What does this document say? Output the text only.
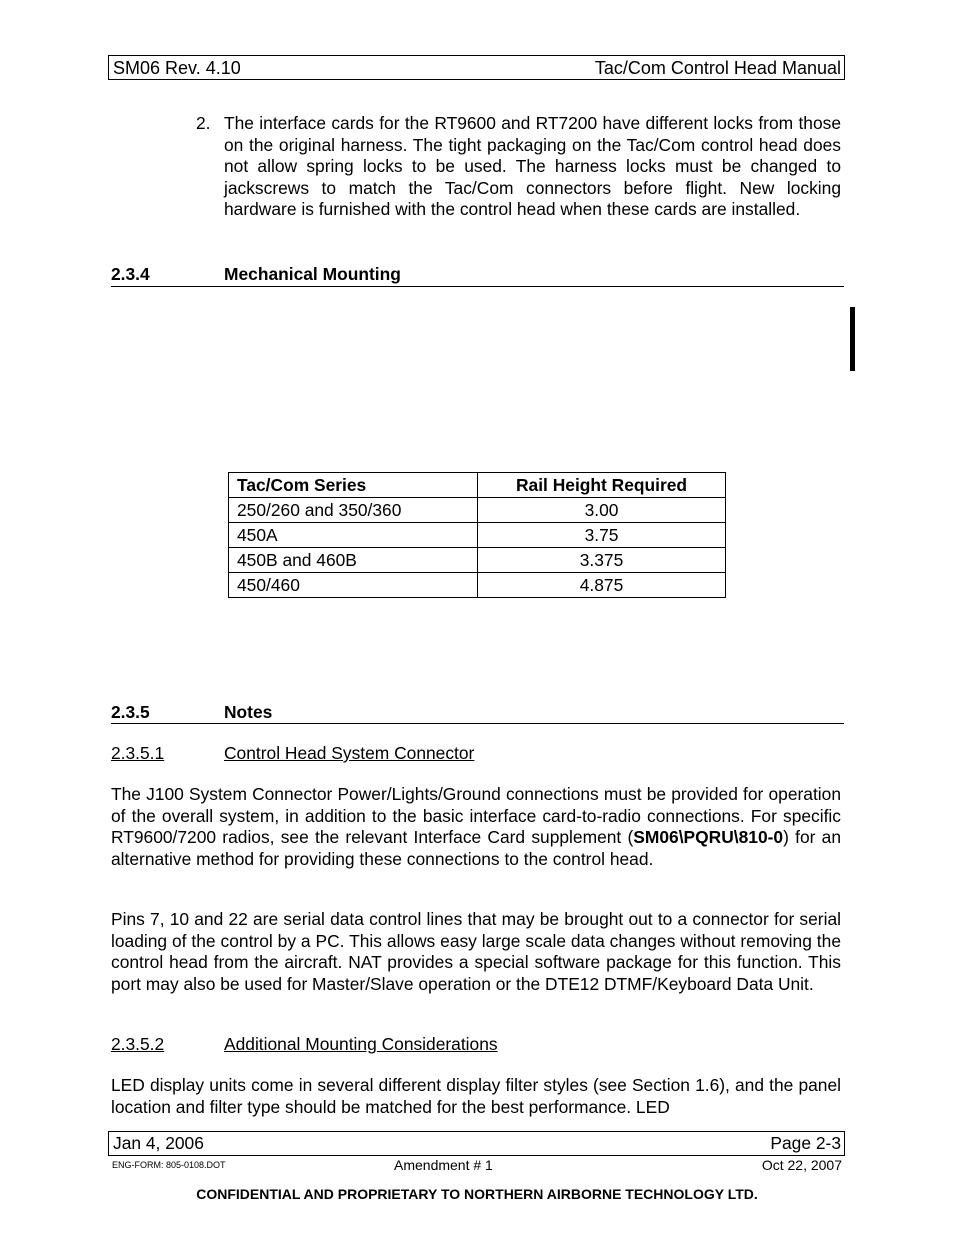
SM06 Rev. 4.10	Tac/Com Control Head Manual
2. The interface cards for the RT9600 and RT7200 have different locks from those on the original harness. The tight packaging on the Tac/Com control head does not allow spring locks to be used. The harness locks must be changed to jackscrews to match the Tac/Com connectors before flight. New locking hardware is furnished with the control head when these cards are installed.
2.3.4	Mechanical Mounting
Tac/Com Series	Rail Height Required
250/260 and 350/360	3.00
450A	3.75
450B and 460B	3.375
450/460	4.875
2.3.5	Notes
2.3.5.1	Control Head System Connector
The J100 System Connector Power/Lights/Ground connections must be provided for operation of the overall system, in addition to the basic interface card-to-radio connections. For specific RT9600/7200 radios, see the relevant Interface Card supplement (SM06\PQRU\810-0) for an alternative method for providing these connections to the control head.
Pins 7, 10 and 22 are serial data control lines that may be brought out to a connector for serial loading of the control by a PC. This allows easy large scale data changes without removing the control head from the aircraft. NAT provides a special software package for this function. This port may also be used for Master/Slave operation or the DTE12 DTMF/Keyboard Data Unit.
2.3.5.2	Additional Mounting Considerations
LED display units come in several different display filter styles (see Section 1.6), and the panel location and filter type should be matched for the best performance. LED
Jan 4, 2006	Page 2-3
ENG-FORM: 805-0108.DOT	Amendment # 1	Oct 22, 2007
CONFIDENTIAL AND PROPRIETARY TO NORTHERN AIRBORNE TECHNOLOGY LTD.
